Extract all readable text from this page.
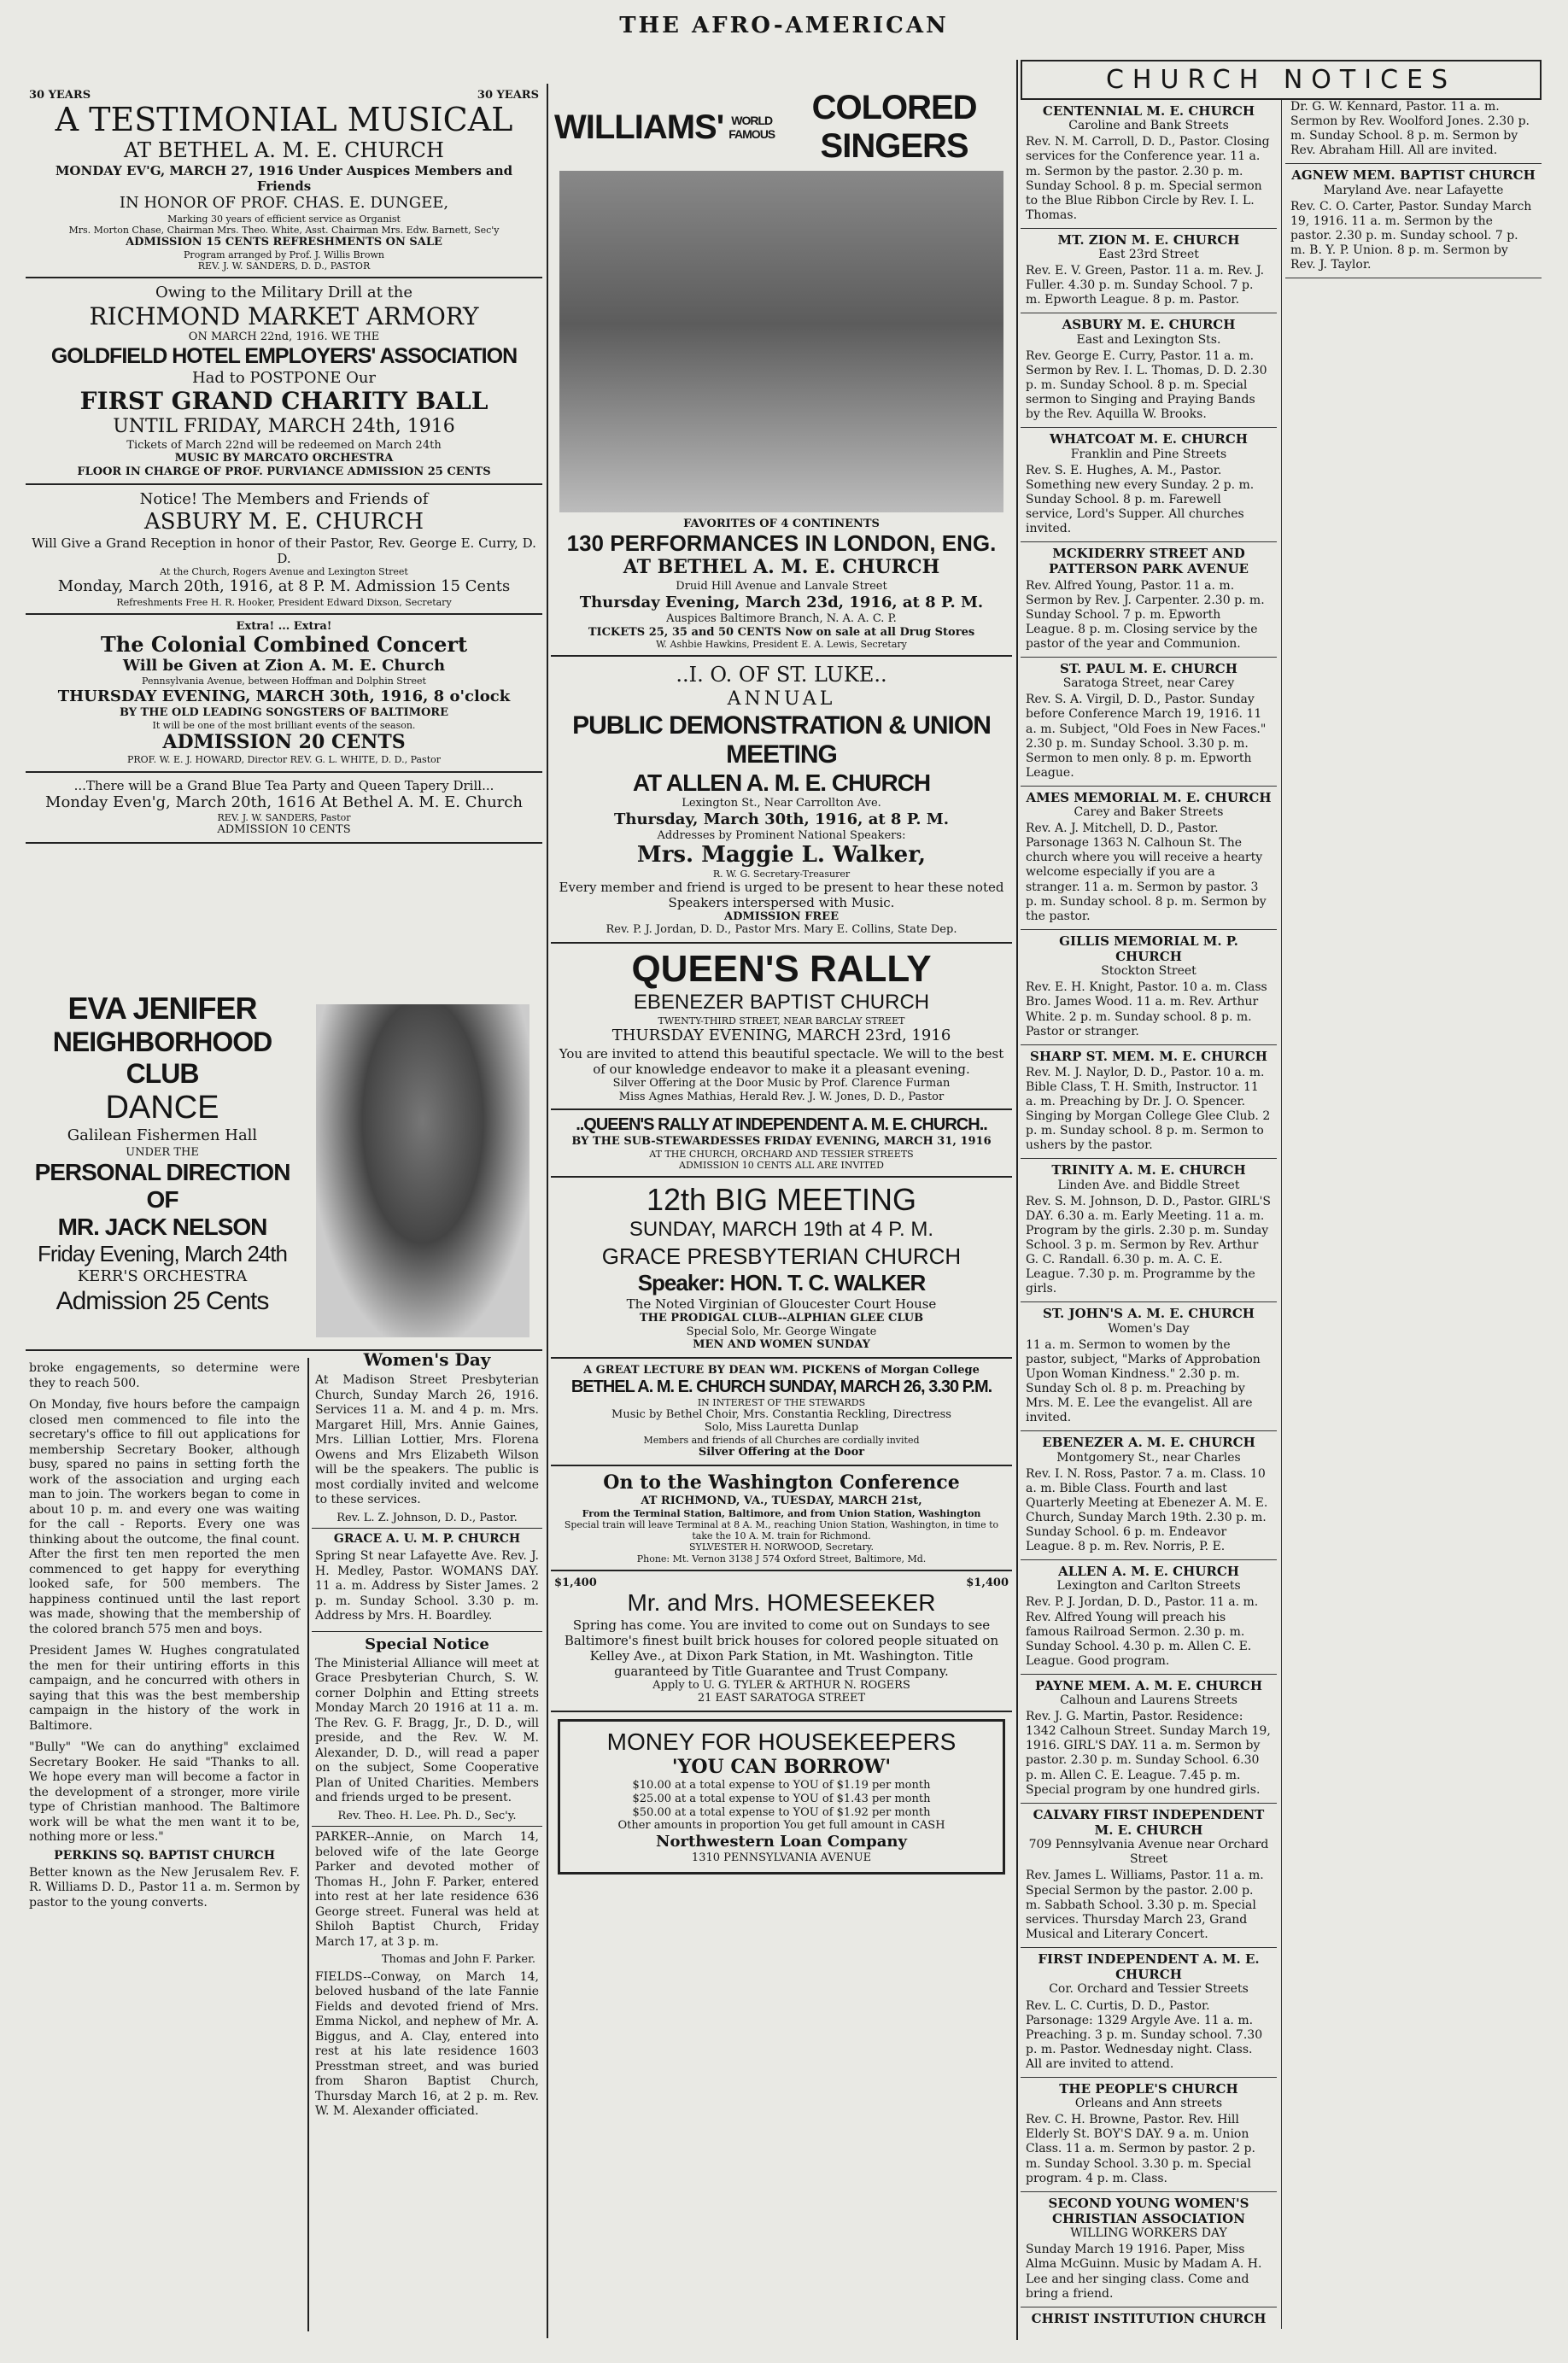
THE AFRO-AMERICAN
30 YEARS	30 YEARS
A TESTIMONIAL MUSICAL
AT BETHEL A. M. E. CHURCH
MONDAY EV'G, MARCH 27, 1916 Under Auspices Members and Friends
IN HONOR OF PROF. CHAS. E. DUNGEE,
Marking 30 years of efficient service as Organist
Mrs. Morton Chase, Chairman Mrs. Theo. White, Asst. Chairman Mrs. Edw. Barnett, Sec'y
ADMISSION 15 CENTS REFRESHMENTS ON SALE
Program arranged by Prof. J. Willis Brown
REV. J. W. SANDERS, D. D., PASTOR
Owing to the Military Drill at the
RICHMOND MARKET ARMORY
ON MARCH 22nd, 1916. WE THE
GOLDFIELD HOTEL EMPLOYERS' ASSOCIATION
Had to POSTPONE Our
FIRST GRAND CHARITY BALL
UNTIL FRIDAY, MARCH 24th, 1916
Tickets of March 22nd will be redeemed on March 24th
MUSIC BY MARCATO ORCHESTRA
FLOOR IN CHARGE OF PROF. PURVIANCE ADMISSION 25 CENTS
Notice! The Members and Friends of
ASBURY M. E. CHURCH
Will Give a Grand Reception in honor of their Pastor, Rev. George E. Curry, D. D.
At the Church, Rogers Avenue and Lexington Street
Monday, March 20th, 1916, at 8 P. M. Admission 15 Cents
Refreshments Free H. R. Hooker, President Edward Dixson, Secretary
Extra! ... Extra!
The Colonial Combined Concert
Will be Given at Zion A. M. E. Church
Pennsylvania Avenue, between Hoffman and Dolphin Street
THURSDAY EVENING, MARCH 30th, 1916, 8 o'clock
BY THE OLD LEADING SONGSTERS OF BALTIMORE
It will be one of the most brilliant events of the season.
ADMISSION 20 CENTS
PROF. W. E. J. HOWARD, Director REV. G. L. WHITE, D. D., Pastor
...There will be a Grand Blue Tea Party and Queen Tapery Drill...
Monday Even'g, March 20th, 1616 At Bethel A. M. E. Church
REV. J. W. SANDERS, Pastor
ADMISSION 10 CENTS
EVA JENIFER
NEIGHBORHOOD CLUB
DANCE
Galilean Fishermen Hall
UNDER THE
PERSONAL DIRECTION OF
MR. JACK NELSON
Friday Evening, March 24th
KERR'S ORCHESTRA
Admission 25 Cents
broke engagements, so determine were they to reach 500.
On Monday, five hours before the campaign closed men commenced to file into the secretary's office to fill out applications for membership Secretary Booker, although busy, spared no pains in setting forth the work of the association and urging each man to join. The workers began to come in about 10 p. m. and every one was waiting for the call - Reports. Every one was thinking about the outcome, the final count. After the first ten men reported the men commenced to get happy for everything looked safe, for 500 members. The happiness continued until the last report was made, showing that the membership of the colored branch 575 men and boys.
President James W. Hughes congratulated the men for their untiring efforts in this campaign, and he concurred with others in saying that this was the best membership campaign in the history of the work in Baltimore.
"Bully" "We can do anything" exclaimed Secretary Booker. He said "Thanks to all. We hope every man will become a factor in the development of a stronger, more virile type of Christian manhood. The Baltimore work will be what the men want it to be, nothing more or less."
PERKINS SQ. BAPTIST CHURCH
Better known as the New Jerusalem Rev. F. R. Williams D. D., Pastor 11 a. m. Sermon by pastor to the young converts.
Women's Day
At Madison Street Presbyterian Church, Sunday March 26, 1916. Services 11 a. M. and 4 p. m. Mrs. Margaret Hill, Mrs. Annie Gaines, Mrs. Lillian Lottier, Mrs. Florena Owens and Mrs Elizabeth Wilson will be the speakers. The public is most cordially invited and welcome to these services.
Rev. L. Z. Johnson, D. D., Pastor.
GRACE A. U. M. P. CHURCH
Spring St near Lafayette Ave. Rev. J. H. Medley, Pastor. WOMANS DAY. 11 a. m. Address by Sister James. 2 p. m. Sunday School. 3.30 p. m. Address by Mrs. H. Boardley.
Special Notice
The Ministerial Alliance will meet at Grace Presbyterian Church, S. W. corner Dolphin and Etting streets Monday March 20 1916 at 11 a. m. The Rev. G. F. Bragg, Jr., D. D., will preside, and the Rev. W. M. Alexander, D. D., will read a paper on the subject, Some Cooperative Plan of United Charities. Members and friends urged to be present.
Rev. Theo. H. Lee. Ph. D., Sec'y.
PARKER--Annie, on March 14, beloved wife of the late George Parker and devoted mother of Thomas H., John F. Parker, entered into rest at her late residence 636 George street. Funeral was held at Shiloh Baptist Church, Friday March 17, at 3 p. m.
Thomas and John F. Parker.
FIELDS--Conway, on March 14, beloved husband of the late Fannie Fields and devoted friend of Mrs. Emma Nickol, and nephew of Mr. A. Biggus, and A. Clay, entered into rest at his late residence 1603 Presstman street, and was buried from Sharon Baptist Church, Thursday March 16, at 2 p. m. Rev. W. M. Alexander officiated.
WILLIAMS' WORLD FAMOUS
COLORED SINGERS
FAVORITES OF 4 CONTINENTS
130 PERFORMANCES IN LONDON, ENG.
AT BETHEL A. M. E. CHURCH
Druid Hill Avenue and Lanvale Street
Thursday Evening, March 23d, 1916, at 8 P. M.
Auspices Baltimore Branch, N. A. A. C. P.
TICKETS 25, 35 and 50 CENTS Now on sale at all Drug Stores
W. Ashbie Hawkins, President E. A. Lewis, Secretary
..I. O. OF ST. LUKE..
ANNUAL
PUBLIC DEMONSTRATION & UNION MEETING
AT ALLEN A. M. E. CHURCH
Lexington St., Near Carrollton Ave.
Thursday, March 30th, 1916, at 8 P. M.
Addresses by Prominent National Speakers:
Mrs. Maggie L. Walker,
R. W. G. Secretary-Treasurer
Every member and friend is urged to be present to hear these noted Speakers interspersed with Music.
ADMISSION FREE
Rev. P. J. Jordan, D. D., Pastor Mrs. Mary E. Collins, State Dep.
QUEEN'S RALLY
EBENEZER BAPTIST CHURCH
TWENTY-THIRD STREET, NEAR BARCLAY STREET
THURSDAY EVENING, MARCH 23rd, 1916
You are invited to attend this beautiful spectacle. We will to the best of our knowledge endeavor to make it a pleasant evening.
Silver Offering at the Door Music by Prof. Clarence Furman
Miss Agnes Mathias, Herald Rev. J. W. Jones, D. D., Pastor
..QUEEN'S RALLY AT INDEPENDENT A. M. E. CHURCH..
BY THE SUB-STEWARDESSES FRIDAY EVENING, MARCH 31, 1916
AT THE CHURCH, ORCHARD AND TESSIER STREETS
ADMISSION 10 CENTS ALL ARE INVITED
12th BIG MEETING
SUNDAY, MARCH 19th at 4 P. M.
GRACE PRESBYTERIAN CHURCH
Speaker: HON. T. C. WALKER
The Noted Virginian of Gloucester Court House
THE PRODIGAL CLUB--ALPHIAN GLEE CLUB
Special Solo, Mr. George Wingate
MEN AND WOMEN SUNDAY
A GREAT LECTURE BY DEAN WM. PICKENS of Morgan College
BETHEL A. M. E. CHURCH SUNDAY, MARCH 26, 3.30 P.M.
IN INTEREST OF THE STEWARDS
Music by Bethel Choir, Mrs. Constantia Reckling, Directress
Solo, Miss Lauretta Dunlap
Members and friends of all Churches are cordially invited
Silver Offering at the Door
On to the Washington Conference
AT RICHMOND, VA., TUESDAY, MARCH 21st,
From the Terminal Station, Baltimore, and from Union Station, Washington
Special train will leave Terminal at 8 A. M., reaching Union Station, Washington, in time to take the 10 A. M. train for Richmond.
SYLVESTER H. NORWOOD, Secretary.
Phone: Mt. Vernon 3138 J 574 Oxford Street, Baltimore, Md.
$1,400	$1,400
Mr. and Mrs. HOMESEEKER
Spring has come. You are invited to come out on Sundays to see Baltimore's finest built brick houses for colored people situated on Kelley Ave., at Dixon Park Station, in Mt. Washington. Title guaranteed by Title Guarantee and Trust Company.
Apply to U. G. TYLER & ARTHUR N. ROGERS
21 EAST SARATOGA STREET
MONEY FOR HOUSEKEEPERS
'YOU CAN BORROW'
$10.00 at a total expense to YOU of $1.19 per month
$25.00 at a total expense to YOU of $1.43 per month
$50.00 at a total expense to YOU of $1.92 per month
Other amounts in proportion You get full amount in CASH
Northwestern Loan Company
1310 PENNSYLVANIA AVENUE
CHURCH NOTICES
CENTENNIAL M. E. CHURCH
Caroline and Bank Streets

Rev. N. M. Carroll, D. D., Pastor. Closing services for the Conference year. 11 a. m. Sermon by the pastor. 2.30 p. m. Sunday School. 8 p. m. Special sermon to the Blue Ribbon Circle by Rev. I. L. Thomas.

MT. ZION M. E. CHURCH
East 23rd Street

Rev. E. V. Green, Pastor. 11 a. m. Rev. J. Fuller. 4.30 p. m. Sunday School. 7 p. m. Epworth League. 8 p. m. Pastor.

ASBURY M. E. CHURCH
East and Lexington Sts.

Rev. George E. Curry, Pastor. 11 a. m. Sermon by Rev. I. L. Thomas, D. D. 2.30 p. m. Sunday School. 8 p. m. Special sermon to Singing and Praying Bands by the Rev. Aquilla W. Brooks.

WHATCOAT M. E. CHURCH
Franklin and Pine Streets

Rev. S. E. Hughes, A. M., Pastor. Something new every Sunday. 2 p. m. Sunday School. 8 p. m. Farewell service, Lord's Supper. All churches invited.

MCKIDERRY STREET AND PATTERSON PARK AVENUE

Rev. Alfred Young, Pastor. 11 a. m. Sermon by Rev. J. Carpenter. 2.30 p. m. Sunday School. 7 p. m. Epworth League. 8 p. m. Closing service by the pastor of the year and Communion.

ST. PAUL M. E. CHURCH
Saratoga Street, near Carey

Rev. S. A. Virgil, D. D., Pastor. Sunday before Conference March 19, 1916. 11 a. m. Subject, "Old Foes in New Faces." 2.30 p. m. Sunday School. 3.30 p. m. Sermon to men only. 8 p. m. Epworth League.

AMES MEMORIAL M. E. CHURCH
Carey and Baker Streets

Rev. A. J. Mitchell, D. D., Pastor. Parsonage 1363 N. Calhoun St. The church where you will receive a hearty welcome especially if you are a stranger. 11 a. m. Sermon by pastor. 3 p. m. Sunday school. 8 p. m. Sermon by the pastor.

GILLIS MEMORIAL M. P. CHURCH
Stockton Street

Rev. E. H. Knight, Pastor. 10 a. m. Class Bro. James Wood. 11 a. m. Rev. Arthur White. 2 p. m. Sunday school. 8 p. m. Pastor or stranger.

SHARP ST. MEM. M. E. CHURCH

Rev. M. J. Naylor, D. D., Pastor. 10 a. m. Bible Class, T. H. Smith, Instructor. 11 a. m. Preaching by Dr. J. O. Spencer. Singing by Morgan College Glee Club. 2 p. m. Sunday school. 8 p. m. Sermon to ushers by the pastor.

TRINITY A. M. E. CHURCH
Linden Ave. and Biddle Street

Rev. S. M. Johnson, D. D., Pastor. GIRL'S DAY. 6.30 a. m. Early Meeting. 11 a. m. Program by the girls. 2.30 p. m. Sunday School. 3 p. m. Sermon by Rev. Arthur G. C. Randall. 6.30 p. m. A. C. E. League. 7.30 p. m. Programme by the girls.

ST. JOHN'S A. M. E. CHURCH
Women's Day

11 a. m. Sermon to women by the pastor, subject, "Marks of Approbation Upon Woman Kindness." 2.30 p. m. Sunday Sch ol. 8 p. m. Preaching by Mrs. M. E. Lee the evangelist. All are invited.

EBENEZER A. M. E. CHURCH
Montgomery St., near Charles

Rev. I. N. Ross, Pastor. 7 a. m. Class. 10 a. m. Bible Class. Fourth and last Quarterly Meeting at Ebenezer A. M. E. Church, Sunday March 19th. 2.30 p. m. Sunday School. 6 p. m. Endeavor League. 8 p. m. Rev. Norris, P. E.

ALLEN A. M. E. CHURCH
Lexington and Carlton Streets

Rev. P. J. Jordan, D. D., Pastor. 11 a. m. Rev. Alfred Young will preach his famous Railroad Sermon. 2.30 p. m. Sunday School. 4.30 p. m. Allen C. E. League. Good program.

PAYNE MEM. A. M. E. CHURCH
Calhoun and Laurens Streets

Rev. J. G. Martin, Pastor. Residence: 1342 Calhoun Street. Sunday March 19, 1916. GIRL'S DAY. 11 a. m. Sermon by pastor. 2.30 p. m. Sunday School. 6.30 p. m. Allen C. E. League. 7.45 p. m. Special program by one hundred girls.

CALVARY FIRST INDEPENDENT M. E. CHURCH
709 Pennsylvania Avenue near Orchard Street

Rev. James L. Williams, Pastor. 11 a. m. Special Sermon by the pastor. 2.00 p. m. Sabbath School. 3.30 p. m. Special services. Thursday March 23, Grand Musical and Literary Concert.

FIRST INDEPENDENT A. M. E. CHURCH
Cor. Orchard and Tessier Streets

Rev. L. C. Curtis, D. D., Pastor. Parsonage: 1329 Argyle Ave. 11 a. m. Preaching. 3 p. m. Sunday school. 7.30 p. m. Pastor. Wednesday night. Class. All are invited to attend.

THE PEOPLE'S CHURCH
Orleans and Ann streets

Rev. C. H. Browne, Pastor. Rev. Hill Elderly St. BOY'S DAY. 9 a. m. Union Class. 11 a. m. Sermon by pastor. 2 p. m. Sunday School. 3.30 p. m. Special program. 4 p. m. Class.

SECOND YOUNG WOMEN'S CHRISTIAN ASSOCIATION
WILLING WORKERS DAY

Sunday March 19 1916. Paper, Miss Alma McGuinn. Music by Madam A. H. Lee and her singing class. Come and bring a friend.

CHRIST INSTITUTION CHURCH

Dr. G. W. Kennard, Pastor. 11 a. m. Sermon by Rev. Woolford Jones. 2.30 p. m. Sunday School. 8 p. m. Sermon by Rev. Abraham Hill. All are invited.

AGNEW MEM. BAPTIST CHURCH
Maryland Ave. near Lafayette

Rev. C. O. Carter, Pastor. Sunday March 19, 1916. 11 a. m. Sermon by the pastor. 2.30 p. m. Sunday school. 7 p. m. B. Y. P. Union. 8 p. m. Sermon by Rev. J. Taylor.
